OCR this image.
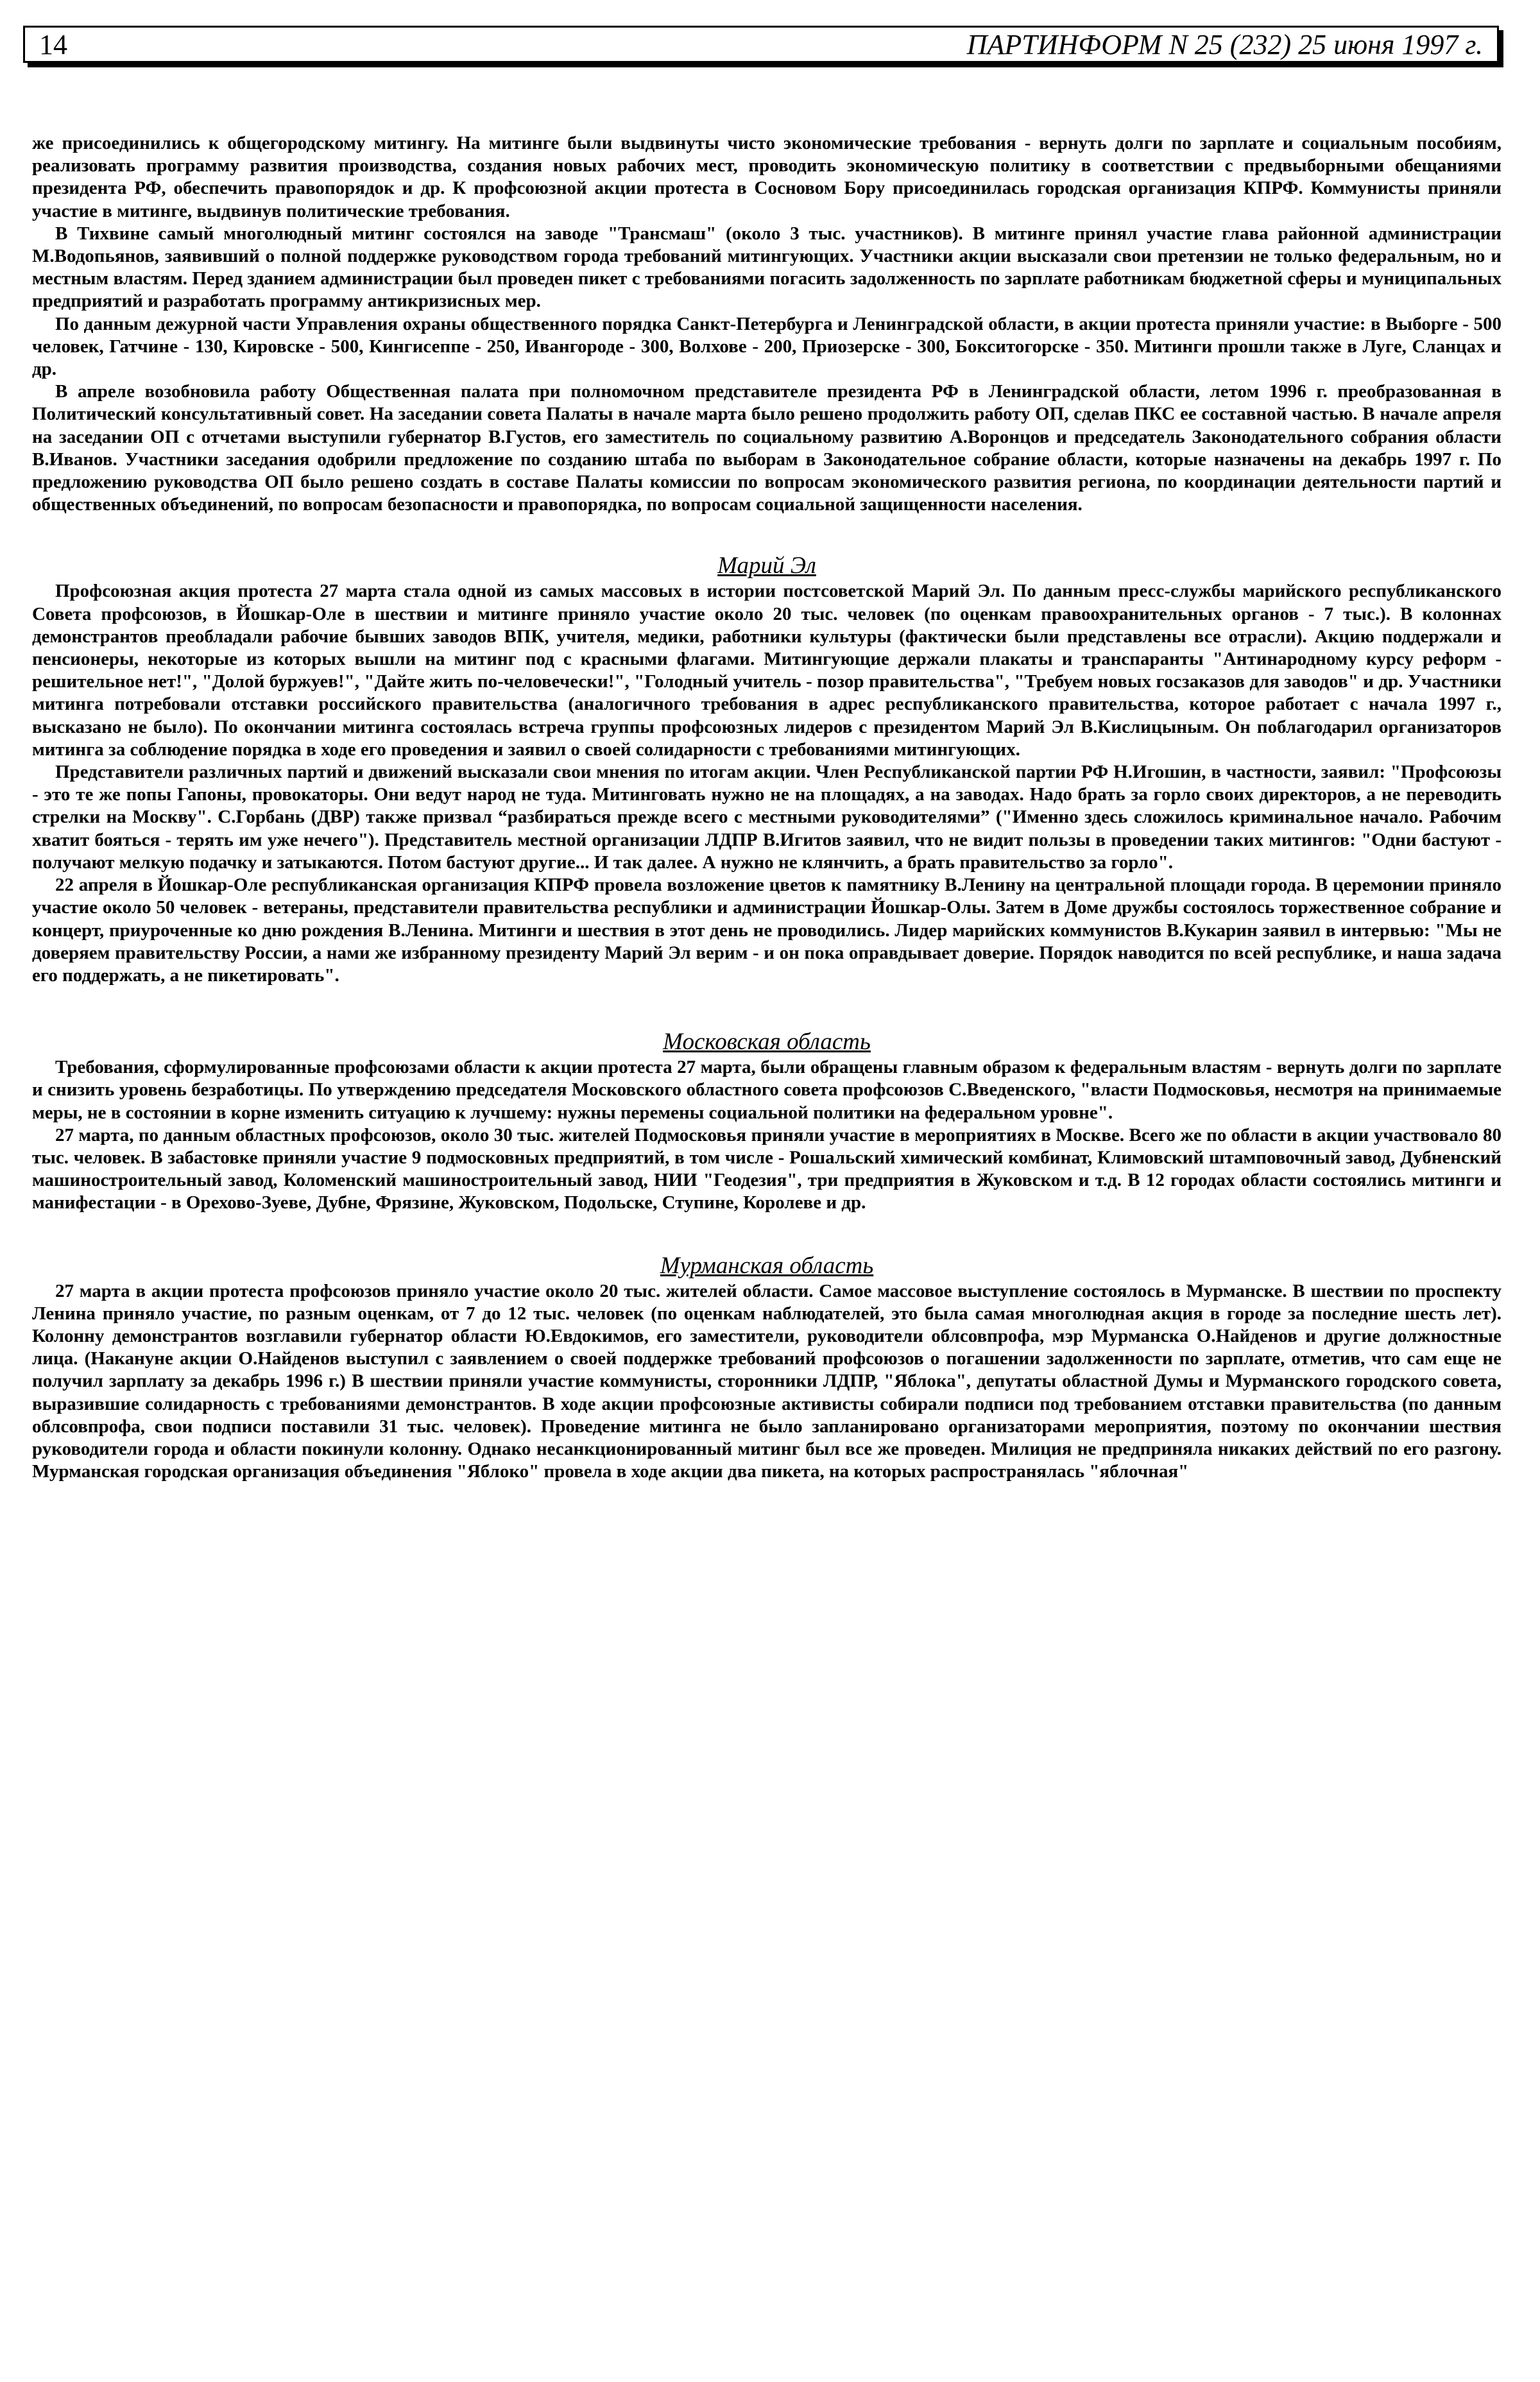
14	ПАРТИНФОРМ N 25 (232) 25 июня 1997 г.

же присоединились к общегородскому митингу. На митинге были выдвинуты чисто экономические требования - вернуть долги по зарплате и социальным пособиям, реализовать программу развития производства, создания новых рабочих мест, проводить экономическую политику в соответствии с предвыборными обещаниями президента РФ, обеспечить правопорядок и др. К профсоюзной акции протеста в Сосновом Бору присоединилась городская организация КПРФ. Коммунисты приняли участие в митинге, выдвинув политические требования.

В Тихвине самый многолюдный митинг состоялся на заводе "Трансмаш" (около 3 тыс. участников). В митинге принял участие глава районной администрации М.Водопьянов, заявивший о полной поддержке руководством города требований митингующих. Участники акции высказали свои претензии не только федеральным, но и местным властям. Перед зданием администрации был проведен пикет с требованиями погасить задолженность по зарплате работникам бюджетной сферы и муниципальных предприятий и разработать программу антикризисных мер.

По данным дежурной части Управления охраны общественного порядка Санкт-Петербурга и Ленинградской области, в акции протеста приняли участие: в Выборге - 500 человек, Гатчине - 130, Кировске - 500, Кингисеппе - 250, Ивангороде - 300, Волхове - 200, Приозерске - 300, Бокситогорске - 350. Митинги прошли также в Луге, Сланцах и др.

В апреле возобновила работу Общественная палата при полномочном представителе президента РФ в Ленинградской области, летом 1996 г. преобразованная в Политический консультативный совет. На заседании совета Палаты в начале марта было решено продолжить работу ОП, сделав ПКС ее составной частью. В начале апреля на заседании ОП с отчетами выступили губернатор В.Густов, его заместитель по социальному развитию А.Воронцов и председатель Законодательного собрания области В.Иванов. Участники заседания одобрили предложение по созданию штаба по выборам в Законодательное собрание области, которые назначены на декабрь 1997 г. По предложению руководства ОП было решено создать в составе Палаты комиссии по вопросам экономического развития региона, по координации деятельности партий и общественных объединений, по вопросам безопасности и правопорядка, по вопросам социальной защищенности населения.

Марий Эл

Профсоюзная акция протеста 27 марта стала одной из самых массовых в истории постсоветской Марий Эл. По данным пресс-службы марийского республиканского Совета профсоюзов, в Йошкар-Оле в шествии и митинге приняло участие около 20 тыс. человек (по оценкам правоохранительных органов - 7 тыс.). В колоннах демонстрантов преобладали рабочие бывших заводов ВПК, учителя, медики, работники культуры (фактически были представлены все отрасли). Акцию поддержали и пенсионеры, некоторые из которых вышли на митинг под с красными флагами. Митингующие держали плакаты и транспаранты "Антинародному курсу реформ - решительное нет!", "Долой буржуев!", "Дайте жить по-человечески!", "Голодный учитель - позор правительства", "Требуем новых госзаказов для заводов" и др. Участники митинга потребовали отставки российского правительства (аналогичного требования в адрес республиканского правительства, которое работает с начала 1997 г., высказано не было). По окончании митинга состоялась встреча группы профсоюзных лидеров с президентом Марий Эл В.Кислицыным. Он поблагодарил организаторов митинга за соблюдение порядка в ходе его проведения и заявил о своей солидарности с требованиями митингующих.

Представители различных партий и движений высказали свои мнения по итогам акции. Член Республиканской партии РФ Н.Игошин, в частности, заявил: "Профсоюзы - это те же попы Гапоны, провокаторы. Они ведут народ не туда. Митинговать нужно не на площадях, а на заводах. Надо брать за горло своих директоров, а не переводить стрелки на Москву". С.Горбань (ДВР) также призвал “разбираться прежде всего с местными руководителями” ("Именно здесь сложилось криминальное начало. Рабочим хватит бояться - терять им уже нечего"). Представитель местной организации ЛДПР В.Игитов заявил, что не видит пользы в проведении таких митингов: "Одни бастуют - получают мелкую подачку и затыкаются. Потом бастуют другие... И так далее. А нужно не клянчить, а брать правительство за горло".

22 апреля в Йошкар-Оле республиканская организация КПРФ провела возложение цветов к памятнику В.Ленину на центральной площади города. В церемонии приняло участие около 50 человек - ветераны, представители правительства республики и администрации Йошкар-Олы. Затем в Доме дружбы состоялось торжественное собрание и концерт, приуроченные ко дню рождения В.Ленина. Митинги и шествия в этот день не проводились. Лидер марийских коммунистов В.Кукарин заявил в интервью: "Мы не доверяем правительству России, а нами же избранному президенту Марий Эл верим - и он пока оправдывает доверие. Порядок наводится по всей республике, и наша задача его поддержать, а не пикетировать".

Московская область

Требования, сформулированные профсоюзами области к акции протеста 27 марта, были обращены главным образом к федеральным властям - вернуть долги по зарплате и снизить уровень безработицы. По утверждению председателя Московского областного совета профсоюзов С.Введенского, "власти Подмосковья, несмотря на принимаемые меры, не в состоянии в корне изменить ситуацию к лучшему: нужны перемены социальной политики на федеральном уровне".

27 марта, по данным областных профсоюзов, около 30 тыс. жителей Подмосковья приняли участие в мероприятиях в Москве. Всего же по области в акции участвовало 80 тыс. человек. В забастовке приняли участие 9 подмосковных предприятий, в том числе - Рошальский химический комбинат, Климовский штамповочный завод, Дубненский машиностроительный завод, Коломенский машиностроительный завод, НИИ "Геодезия", три предприятия в Жуковском и т.д. В 12 городах области состоялись митинги и манифестации - в Орехово-Зуеве, Дубне, Фрязине, Жуковском, Подольске, Ступине, Королеве и др.

Мурманская область

27 марта в акции протеста профсоюзов приняло участие около 20 тыс. жителей области. Самое массовое выступление состоялось в Мурманске. В шествии по проспекту Ленина приняло участие, по разным оценкам, от 7 до 12 тыс. человек (по оценкам наблюдателей, это была самая многолюдная акция в городе за последние шесть лет). Колонну демонстрантов возглавили губернатор области Ю.Евдокимов, его заместители, руководители облсовпрофа, мэр Мурманска О.Найденов и другие должностные лица. (Накануне акции О.Найденов выступил с заявлением о своей поддержке требований профсоюзов о погашении задолженности по зарплате, отметив, что сам еще не получил зарплату за декабрь 1996 г.) В шествии приняли участие коммунисты, сторонники ЛДПР, "Яблока", депутаты областной Думы и Мурманского городского совета, выразившие солидарность с требованиями демонстрантов. В ходе акции профсоюзные активисты собирали подписи под требованием отставки правительства (по данным облсовпрофа, свои подписи поставили 31 тыс. человек). Проведение митинга не было запланировано организаторами мероприятия, поэтому по окончании шествия руководители города и области покинули колонну. Однако несанкционированный митинг был все же проведен. Милиция не предприняла никаких действий по его разгону. Мурманская городская организация объединения "Яблоко" провела в ходе акции два пикета, на которых распространялась "яблочная"
